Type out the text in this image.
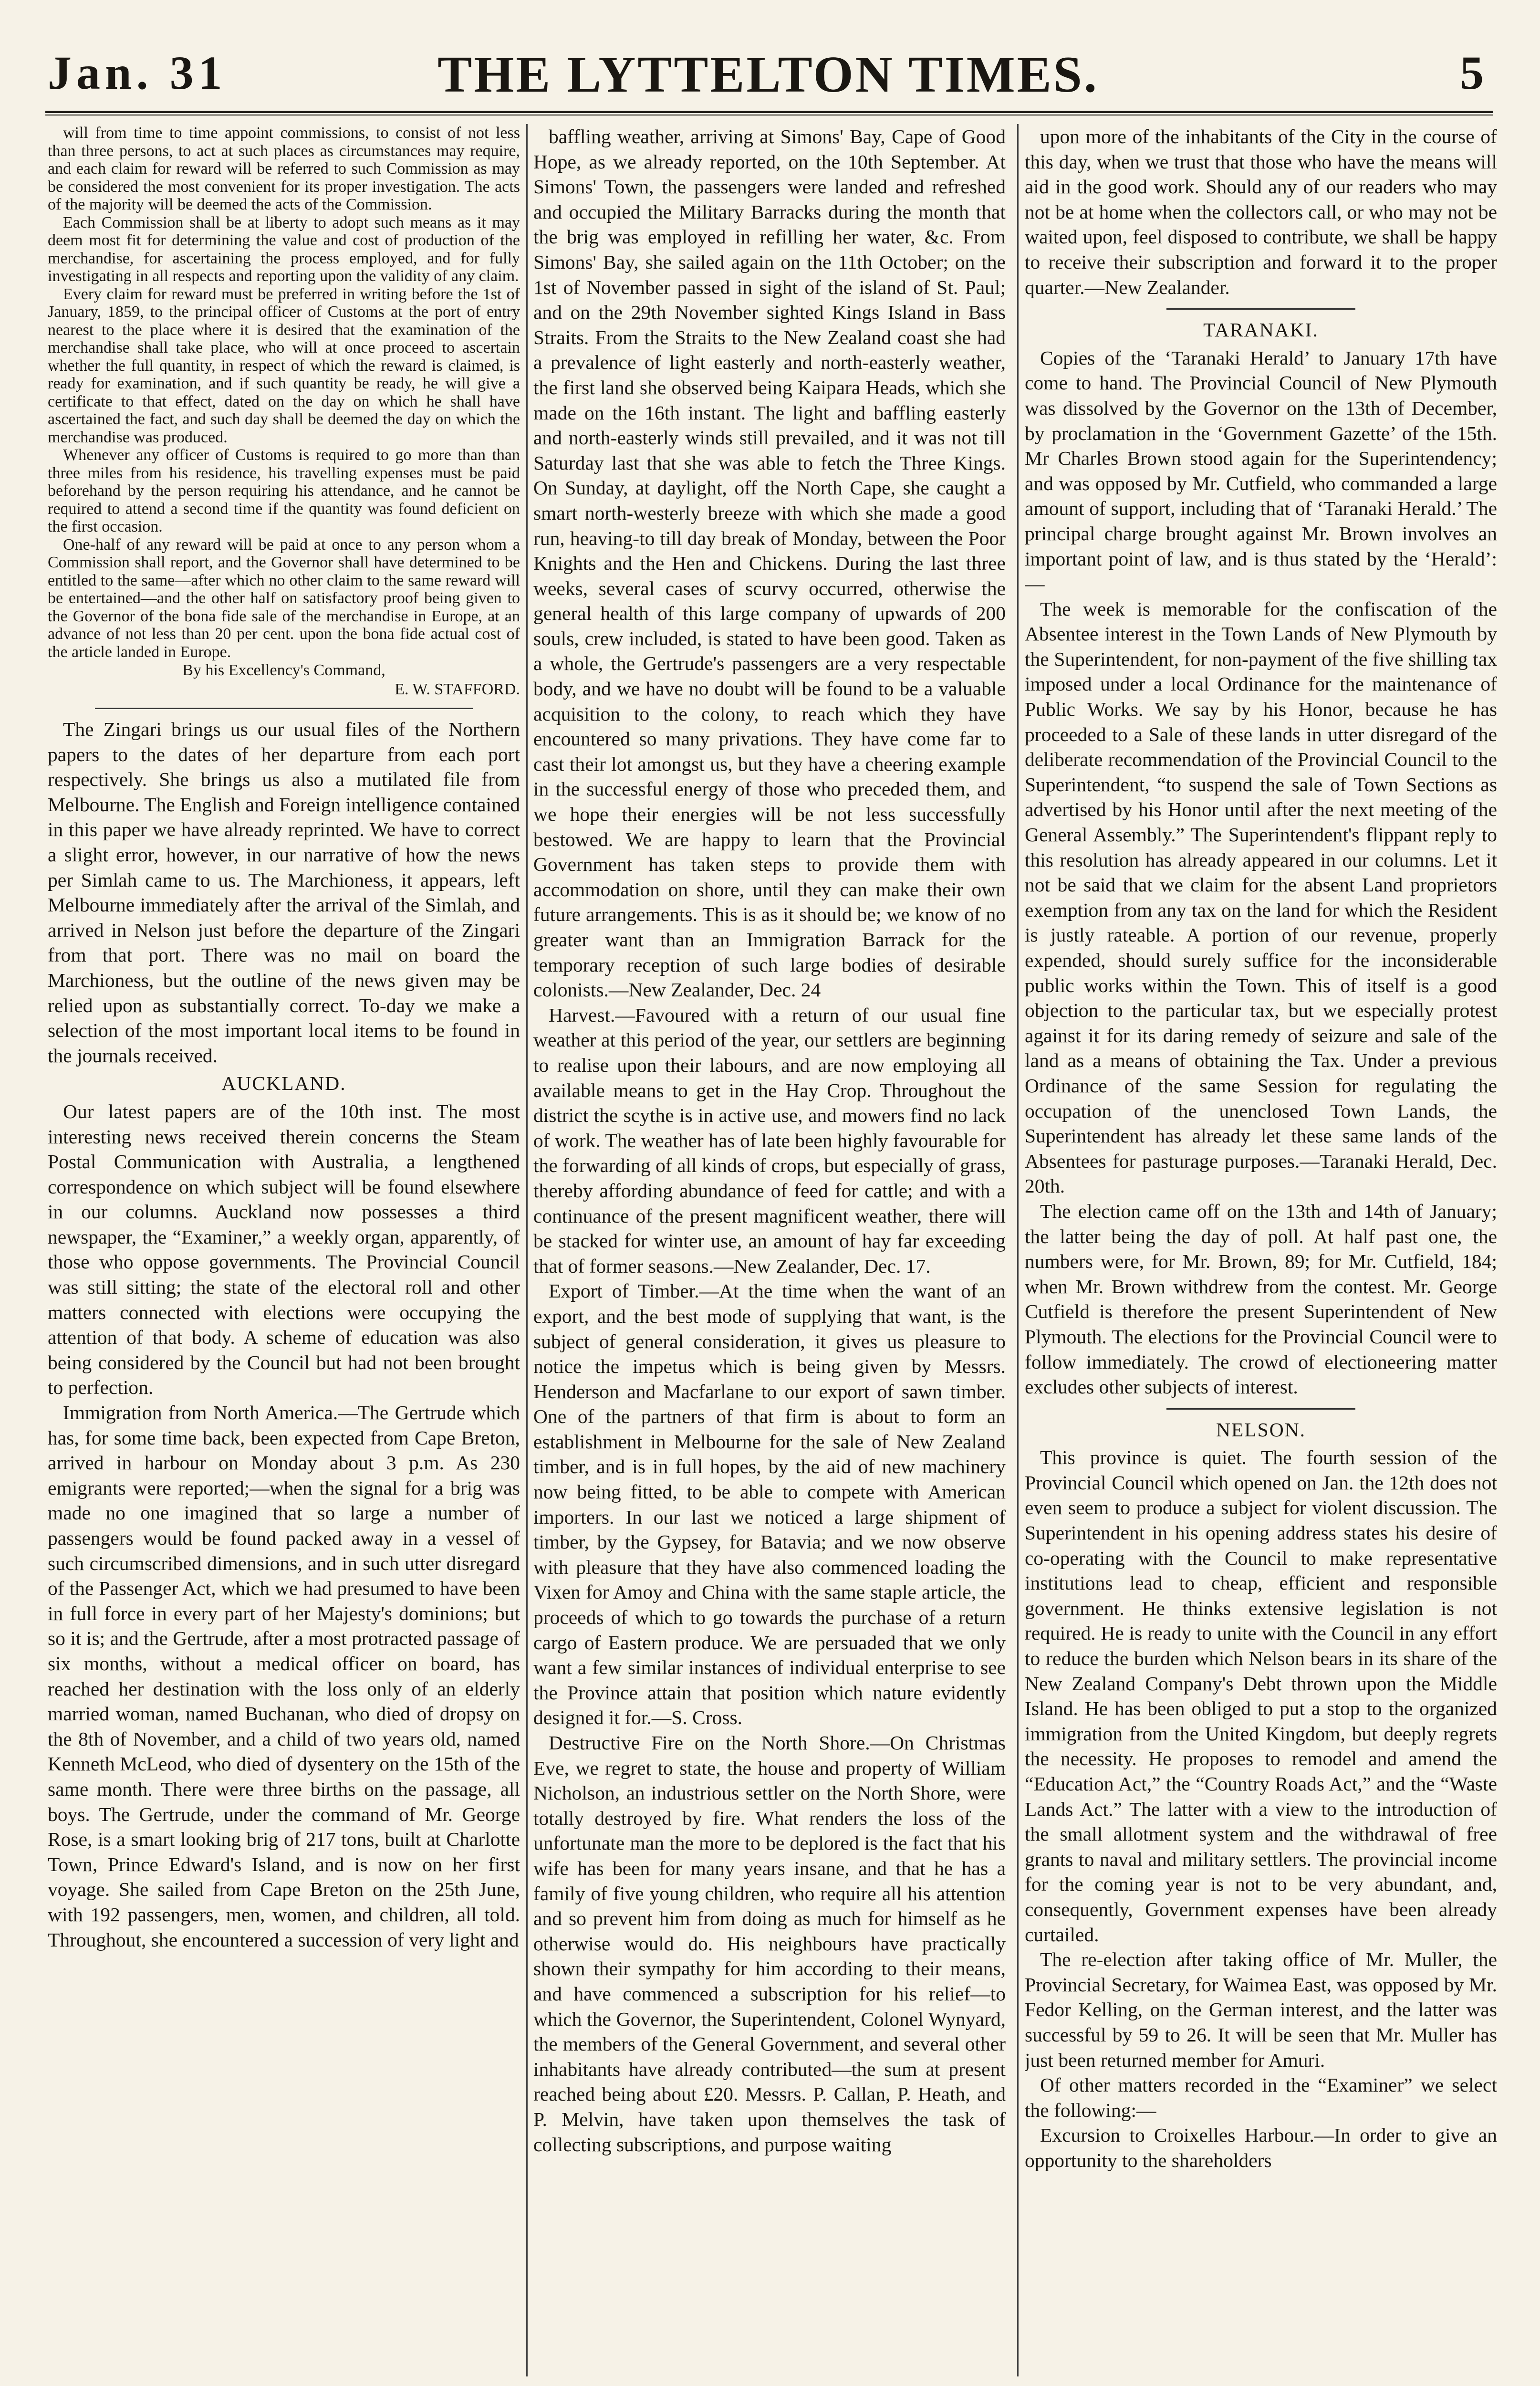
Jan. 31	THE LYTTELTON TIMES.	5
will from time to time appoint commissions, to consist of not less than three persons, to act at such places as circumstances may require, and each claim for reward will be referred to such Commission as may be considered the most convenient for its proper investigation. The acts of the majority will be deemed the acts of the Commission.
Each Commission shall be at liberty to adopt such means as it may deem most fit for determining the value and cost of production of the merchandise, for ascertaining the process employed, and for fully investigating in all respects and reporting upon the validity of any claim.
Every claim for reward must be preferred in writing before the 1st of January, 1859, to the principal officer of Customs at the port of entry nearest to the place where it is desired that the examination of the merchandise shall take place, who will at once proceed to ascertain whether the full quantity, in respect of which the reward is claimed, is ready for examination, and if such quantity be ready, he will give a certificate to that effect, dated on the day on which he shall have ascertained the fact, and such day shall be deemed the day on which the merchandise was produced.
Whenever any officer of Customs is required to go more than than three miles from his residence, his travelling expenses must be paid beforehand by the person requiring his attendance, and he cannot be required to attend a second time if the quantity was found deficient on the first occasion.
One-half of any reward will be paid at once to any person whom a Commission shall report, and the Governor shall have determined to be entitled to the same—after which no other claim to the same reward will be entertained—and the other half on satisfactory proof being given to the Governor of the bona fide sale of the merchandise in Europe, at an advance of not less than 20 per cent. upon the bona fide actual cost of the article landed in Europe.
By his Excellency's Command,
E. W. STAFFORD.
The Zingari brings us our usual files of the Northern papers to the dates of her departure from each port respectively. She brings us also a mutilated file from Melbourne. The English and Foreign intelligence contained in this paper we have already reprinted. We have to correct a slight error, however, in our narrative of how the news per Simlah came to us. The Marchioness, it appears, left Melbourne immediately after the arrival of the Simlah, and arrived in Nelson just before the departure of the Zingari from that port. There was no mail on board the Marchioness, but the outline of the news given may be relied upon as substantially correct. To-day we make a selection of the most important local items to be found in the journals received.
AUCKLAND.
Our latest papers are of the 10th inst. The most interesting news received therein concerns the Steam Postal Communication with Australia, a lengthened correspondence on which subject will be found elsewhere in our columns. Auckland now possesses a third newspaper, the “Examiner,” a weekly organ, apparently, of those who oppose governments. The Provincial Council was still sitting; the state of the electoral roll and other matters connected with elections were occupying the attention of that body. A scheme of education was also being considered by the Council but had not been brought to perfection.
Immigration from North America.—The Gertrude which has, for some time back, been expected from Cape Breton, arrived in harbour on Monday about 3 p.m. As 230 emigrants were reported;—when the signal for a brig was made no one imagined that so large a number of passengers would be found packed away in a vessel of such circumscribed dimensions, and in such utter disregard of the Passenger Act, which we had presumed to have been in full force in every part of her Majesty's dominions; but so it is; and the Gertrude, after a most protracted passage of six months, without a medical officer on board, has reached her destination with the loss only of an elderly married woman, named Buchanan, who died of dropsy on the 8th of November, and a child of two years old, named Kenneth McLeod, who died of dysentery on the 15th of the same month. There were three births on the passage, all boys. The Gertrude, under the command of Mr. George Rose, is a smart looking brig of 217 tons, built at Charlotte Town, Prince Edward's Island, and is now on her first voyage. She sailed from Cape Breton on the 25th June, with 192 passengers, men, women, and children, all told. Throughout, she encountered a succession of very light and
baffling weather, arriving at Simons' Bay, Cape of Good Hope, as we already reported, on the 10th September. At Simons' Town, the passengers were landed and refreshed and occupied the Military Barracks during the month that the brig was employed in refilling her water, &c. From Simons' Bay, she sailed again on the 11th October; on the 1st of November passed in sight of the island of St. Paul; and on the 29th November sighted Kings Island in Bass Straits. From the Straits to the New Zealand coast she had a prevalence of light easterly and north-easterly weather, the first land she observed being Kaipara Heads, which she made on the 16th instant. The light and baffling easterly and north-easterly winds still prevailed, and it was not till Saturday last that she was able to fetch the Three Kings. On Sunday, at daylight, off the North Cape, she caught a smart north-westerly breeze with which she made a good run, heaving-to till day break of Monday, between the Poor Knights and the Hen and Chickens. During the last three weeks, several cases of scurvy occurred, otherwise the general health of this large company of upwards of 200 souls, crew included, is stated to have been good. Taken as a whole, the Gertrude's passengers are a very respectable body, and we have no doubt will be found to be a valuable acquisition to the colony, to reach which they have encountered so many privations. They have come far to cast their lot amongst us, but they have a cheering example in the successful energy of those who preceded them, and we hope their energies will be not less successfully bestowed. We are happy to learn that the Provincial Government has taken steps to provide them with accommodation on shore, until they can make their own future arrangements. This is as it should be; we know of no greater want than an Immigration Barrack for the temporary reception of such large bodies of desirable colonists.—New Zealander, Dec. 24
Harvest.—Favoured with a return of our usual fine weather at this period of the year, our settlers are beginning to realise upon their labours, and are now employing all available means to get in the Hay Crop. Throughout the district the scythe is in active use, and mowers find no lack of work. The weather has of late been highly favourable for the forwarding of all kinds of crops, but especially of grass, thereby affording abundance of feed for cattle; and with a continuance of the present magnificent weather, there will be stacked for winter use, an amount of hay far exceeding that of former seasons.—New Zealander, Dec. 17.
Export of Timber.—At the time when the want of an export, and the best mode of supplying that want, is the subject of general consideration, it gives us pleasure to notice the impetus which is being given by Messrs. Henderson and Macfarlane to our export of sawn timber. One of the partners of that firm is about to form an establishment in Melbourne for the sale of New Zealand timber, and is in full hopes, by the aid of new machinery now being fitted, to be able to compete with American importers. In our last we noticed a large shipment of timber, by the Gypsey, for Batavia; and we now observe with pleasure that they have also commenced loading the Vixen for Amoy and China with the same staple article, the proceeds of which to go towards the purchase of a return cargo of Eastern produce. We are persuaded that we only want a few similar instances of individual enterprise to see the Province attain that position which nature evidently designed it for.—S. Cross.
Destructive Fire on the North Shore.—On Christmas Eve, we regret to state, the house and property of William Nicholson, an industrious settler on the North Shore, were totally destroyed by fire. What renders the loss of the unfortunate man the more to be deplored is the fact that his wife has been for many years insane, and that he has a family of five young children, who require all his attention and so prevent him from doing as much for himself as he otherwise would do. His neighbours have practically shown their sympathy for him according to their means, and have commenced a subscription for his relief—to which the Governor, the Superintendent, Colonel Wynyard, the members of the General Government, and several other inhabitants have already contributed—the sum at present reached being about £20. Messrs. P. Callan, P. Heath, and P. Melvin, have taken upon themselves the task of collecting subscriptions, and purpose waiting
upon more of the inhabitants of the City in the course of this day, when we trust that those who have the means will aid in the good work. Should any of our readers who may not be at home when the collectors call, or who may not be waited upon, feel disposed to contribute, we shall be happy to receive their subscription and forward it to the proper quarter.—New Zealander.
TARANAKI.
Copies of the ‘Taranaki Herald’ to January 17th have come to hand. The Provincial Council of New Plymouth was dissolved by the Governor on the 13th of December, by proclamation in the ‘Government Gazette’ of the 15th. Mr Charles Brown stood again for the Superintendency; and was opposed by Mr. Cutfield, who commanded a large amount of support, including that of ‘Taranaki Herald.’ The principal charge brought against Mr. Brown involves an important point of law, and is thus stated by the ‘Herald’:—
The week is memorable for the confiscation of the Absentee interest in the Town Lands of New Plymouth by the Superintendent, for non-payment of the five shilling tax imposed under a local Ordinance for the maintenance of Public Works. We say by his Honor, because he has proceeded to a Sale of these lands in utter disregard of the deliberate recommendation of the Provincial Council to the Superintendent, “to suspend the sale of Town Sections as advertised by his Honor until after the next meeting of the General Assembly.” The Superintendent's flippant reply to this resolution has already appeared in our columns. Let it not be said that we claim for the absent Land proprietors exemption from any tax on the land for which the Resident is justly rateable. A portion of our revenue, properly expended, should surely suffice for the inconsiderable public works within the Town. This of itself is a good objection to the particular tax, but we especially protest against it for its daring remedy of seizure and sale of the land as a means of obtaining the Tax. Under a previous Ordinance of the same Session for regulating the occupation of the unenclosed Town Lands, the Superintendent has already let these same lands of the Absentees for pasturage purposes.—Taranaki Herald, Dec. 20th.
The election came off on the 13th and 14th of January; the latter being the day of poll. At half past one, the numbers were, for Mr. Brown, 89; for Mr. Cutfield, 184; when Mr. Brown withdrew from the contest. Mr. George Cutfield is therefore the present Superintendent of New Plymouth. The elections for the Provincial Council were to follow immediately. The crowd of electioneering matter excludes other subjects of interest.
NELSON.
This province is quiet. The fourth session of the Provincial Council which opened on Jan. the 12th does not even seem to produce a subject for violent discussion. The Superintendent in his opening address states his desire of co-operating with the Council to make representative institutions lead to cheap, efficient and responsible government. He thinks extensive legislation is not required. He is ready to unite with the Council in any effort to reduce the burden which Nelson bears in its share of the New Zealand Company's Debt thrown upon the Middle Island. He has been obliged to put a stop to the organized immigration from the United Kingdom, but deeply regrets the necessity. He proposes to remodel and amend the “Education Act,” the “Country Roads Act,” and the “Waste Lands Act.” The latter with a view to the introduction of the small allotment system and the withdrawal of free grants to naval and military settlers. The provincial income for the coming year is not to be very abundant, and, consequently, Government expenses have been already curtailed.
The re-election after taking office of Mr. Muller, the Provincial Secretary, for Waimea East, was opposed by Mr. Fedor Kelling, on the German interest, and the latter was successful by 59 to 26. It will be seen that Mr. Muller has just been returned member for Amuri.
Of other matters recorded in the “Examiner” we select the following:—
Excursion to Croixelles Harbour.—In order to give an opportunity to the shareholders
